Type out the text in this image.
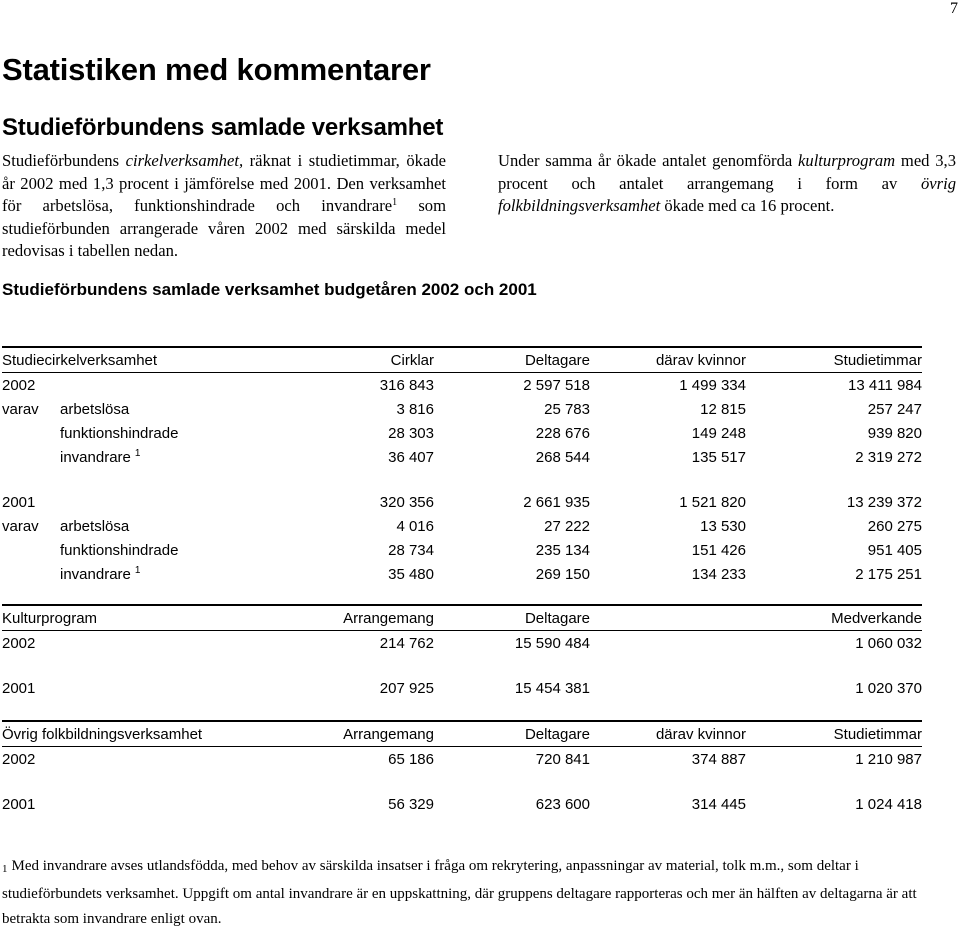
7
Statistiken med kommentarer
Studieförbundens samlade verksamhet

Studieförbundens cirkelverksamhet, räknat i studietimmar, ökade år 2002 med 1,3 procent i jämförelse med 2001. Den verksamhet för arbetslösa, funktionshindrade och invandrare$^1$ som studieförbunden arrangerade våren 2002 med särskilda medel redovisas i tabellen nedan.

Under samma år ökade antalet genomförda kulturprogram med 3,3 procent och antalet arrangemang i form av övrig folkbildningsverksamhet ökade med ca 16 procent.

Studieförbundens samlade verksamhet budgetåren 2002 och 2001
Studiecirkelverksamhet		Cirklar	Deltagare	därav kvinnor	Studietimmar
2002		316 843	2 597 518	1 499 334	13 411 984
varav	arbetslösa	3 816	25 783	12 815	257 247
	funktionshindrade	28 303	228 676	149 248	939 820
	invandrare $^1$	36 407	268 544	135 517	2 319 272

2001		320 356	2 661 935	1 521 820	13 239 372
varav	arbetslösa	4 016	27 222	13 530	260 275
	funktionshindrade	28 734	235 134	151 426	951 405
	invandrare $^1$	35 480	269 150	134 233	2 175 251
Kulturprogram	Arrangemang	Deltagare		Medverkande
2002	214 762	15 590 484		1 060 032

2001	207 925	15 454 381		1 020 370
Övrig folkbildningsverksamhet	Arrangemang	Deltagare	därav kvinnor	Studietimmar
2002	65 186	720 841	374 887	1 210 987

2001	56 329	623 600	314 445	1 024 418

1 Med invandrare avses utlandsfödda, med behov av särskilda insatser i fråga om rekrytering, anpassningar av material, tolk m.m., som deltar i studieförbundets verksamhet. Uppgift om antal invandrare är en uppskattning, där gruppens deltagare rapporteras och mer än hälften av deltagarna är att betrakta som invandrare enligt ovan.
